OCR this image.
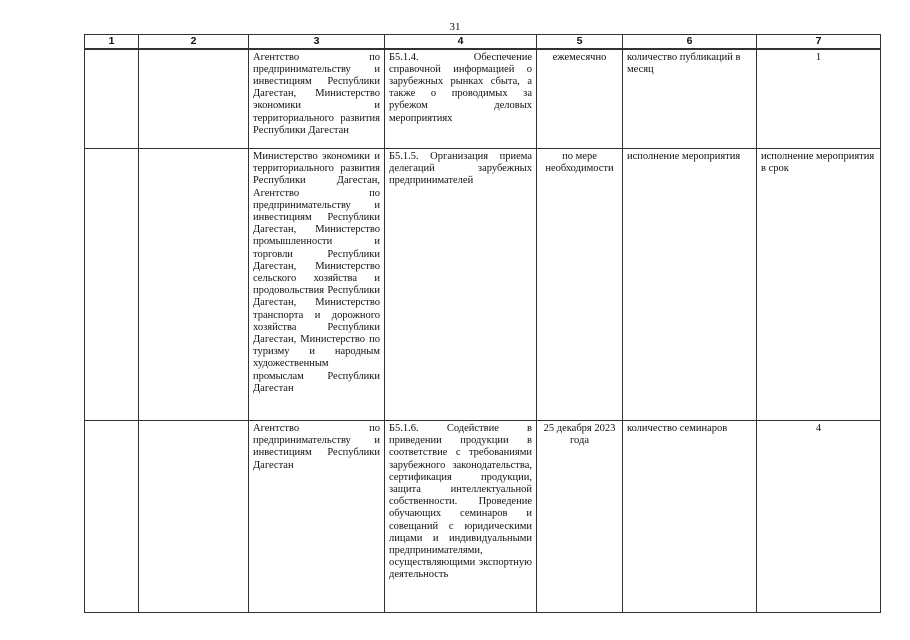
31
1	2	3	4	5	6	7
		Агентство по предпринимательству и инвестициям Республики Дагестан, Министерство экономики и территориального развития Республики Дагестан	Б5.1.4. Обеспечение справочной информацией о зарубежных рынках сбыта, а также о проводимых за рубежом деловых мероприятиях	ежемесячно	количество публикаций в месяц	1
		Министерство экономики и территориального развития Республики Дагестан, Агентство по предпринимательству и инвестициям Республики Дагестан, Министерство промышленности и торговли Республики Дагестан, Министерство сельского хозяйства и продовольствия Республики Дагестан, Министерство транспорта и дорожного хозяйства Республики Дагестан, Министерство по туризму и народным художественным промыслам Республики Дагестан	Б5.1.5. Организация приема делегаций зарубежных предпринимателей	по мере необходимости	исполнение мероприятия	исполнение мероприятия в срок
		Агентство по предпринимательству и инвестициям Республики Дагестан	Б5.1.6. Содействие в приведении продукции в соответствие с требованиями зарубежного законодательства, сертификация продукции, защита интеллектуальной собственности. Проведение обучающих семинаров и совещаний с юридическими лицами и индивидуальными предпринимателями, осуществляющими экспортную деятельность	25 декабря 2023 года	количество семинаров	4
